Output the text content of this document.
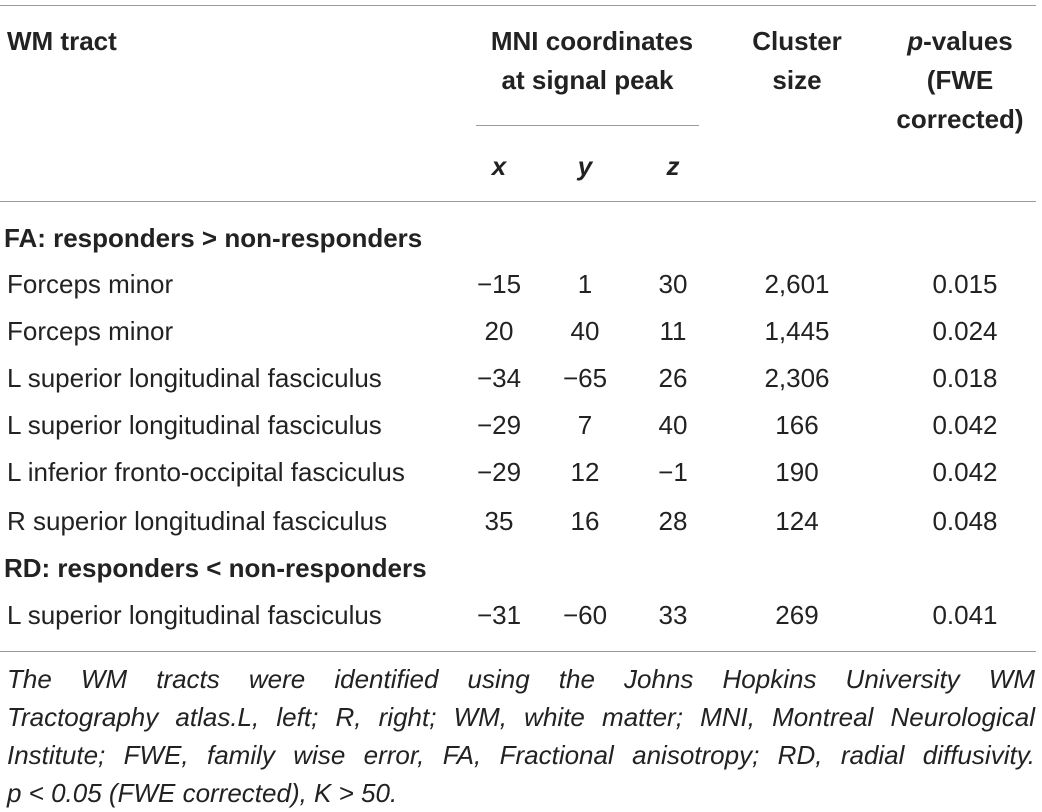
WM tract	MNI coordinates
at signal peak
Cluster
size
p-values
(FWE
corrected)
x	y	z
FA: responders > non-responders
Forceps minor	−15	1	30	2,601	0.015
Forceps minor	20	40	11	1,445	0.024
L superior longitudinal fasciculus	−34	−65	26	2,306	0.018
L superior longitudinal fasciculus	−29	7	40	166	0.042
L inferior fronto-occipital fasciculus	−29	12	−1	190	0.042
R superior longitudinal fasciculus	35	16	28	124	0.048
RD: responders < non-responders
L superior longitudinal fasciculus	−31	−60	33	269	0.041
The WM tracts were identified using the Johns Hopkins University WM
Tractography atlas.L, left; R, right; WM, white matter; MNI, Montreal Neurological
Institute; FWE, family wise error, FA, Fractional anisotropy; RD, radial diffusivity.
p < 0.05 (FWE corrected), K > 50.
